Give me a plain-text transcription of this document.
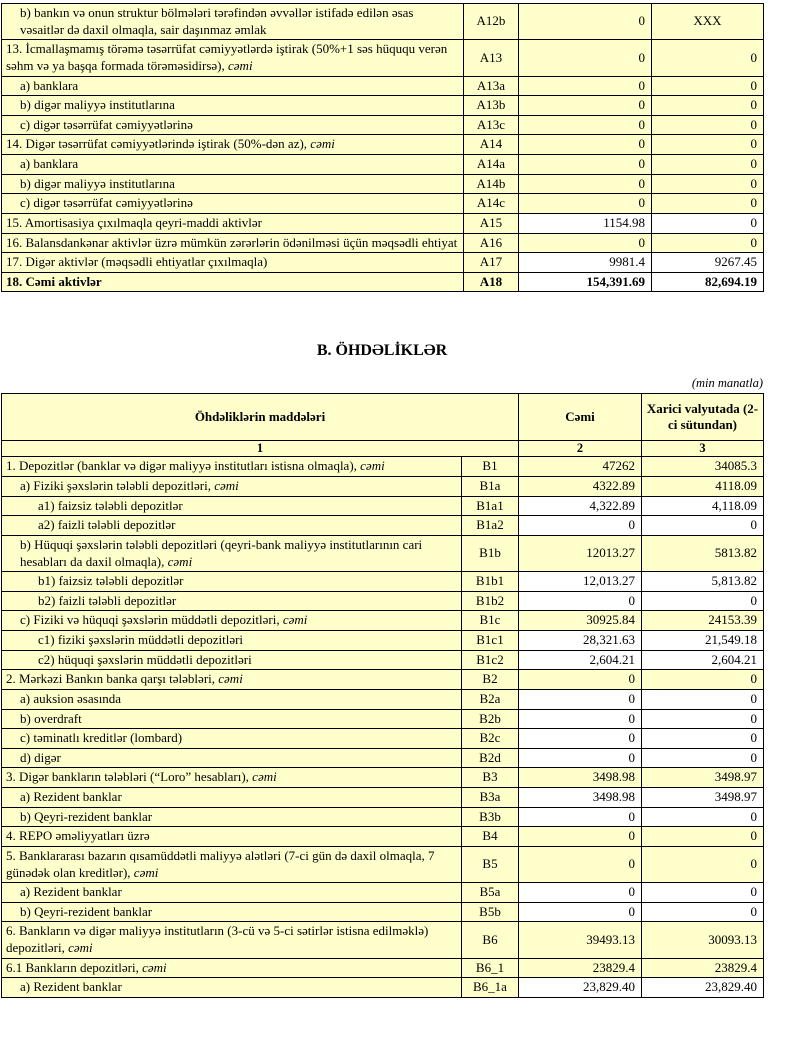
b) bankın və onun struktur bölmələri tərəfindən əvvəllər istifadə edilən əsas vəsaitlər də daxil olmaqla, sair daşınmaz əmlak	A12b	0	XXX
13. İcmallaşmamış törəmə təsərrüfat cəmiyyətlərdə iştirak (50%+1 səs hüququ verən səhm və ya başqa formada törəməsidirsə), cəmi	A13	0	0
a) banklara	A13a	0	0
b) digər maliyyə institutlarına	A13b	0	0
c) digər təsərrüfat cəmiyyətlərinə	A13c	0	0
14. Digər təsərrüfat cəmiyyətlərində iştirak (50%-dən az), cəmi	A14	0	0
a) banklara	A14a	0	0
b) digər maliyyə institutlarına	A14b	0	0
c) digər təsərrüfat cəmiyyətlərinə	A14c	0	0
15. Amortisasiya çıxılmaqla qeyri-maddi aktivlər	A15	1154.98	0
16. Balansdankənar aktivlər üzrə mümkün zərərlərin ödənilməsi üçün məqsədli ehtiyat	A16	0	0
17. Digər aktivlər (məqsədli ehtiyatlar çıxılmaqla)	A17	9981.4	9267.45
18. Cəmi aktivlər	A18	154,391.69	82,694.19
B. ÖHDƏLİKLƏR
(min manatla)
Öhdəliklərin maddələri		Cəmi	Xarici valyutada (2-ci sütundan)
1		2	3
1. Depozitlər (banklar və digər maliyyə institutları istisna olmaqla), cəmi	B1	47262	34085.3
a) Fiziki şəxslərin tələbli depozitləri, cəmi	B1a	4322.89	4118.09
a1) faizsiz tələbli depozitlər	B1a1	4,322.89	4,118.09
a2) faizli tələbli depozitlər	B1a2	0	0
b) Hüquqi şəxslərin tələbli depozitləri (qeyri-bank maliyyə institutlarının cari hesabları da daxil olmaqla), cəmi	B1b	12013.27	5813.82
b1) faizsiz tələbli depozitlər	B1b1	12,013.27	5,813.82
b2) faizli tələbli depozitlər	B1b2	0	0
c) Fiziki və hüquqi şəxslərin müddətli depozitləri, cəmi	B1c	30925.84	24153.39
c1) fiziki şəxslərin müddətli depozitləri	B1c1	28,321.63	21,549.18
c2) hüquqi şəxslərin müddətli depozitləri	B1c2	2,604.21	2,604.21
2. Mərkəzi Bankın banka qarşı tələbləri, cəmi	B2	0	0
a) auksion əsasında	B2a	0	0
b) overdraft	B2b	0	0
c) təminatlı kreditlər (lombard)	B2c	0	0
d) digər	B2d	0	0
3. Digər bankların tələbləri (“Loro” hesabları), cəmi	B3	3498.98	3498.97
a) Rezident banklar	B3a	3498.98	3498.97
b) Qeyri-rezident banklar	B3b	0	0
4. REPO əməliyyatları üzrə	B4	0	0
5. Banklararası bazarın qısamüddətli maliyyə alətləri (7-ci gün də daxil olmaqla, 7 günədək olan kreditlər), cəmi	B5	0	0
a) Rezident banklar	B5a	0	0
b) Qeyri-rezident banklar	B5b	0	0
6. Bankların və digər maliyyə institutların (3-cü və 5-ci sətirlər istisna edilməklə) depozitləri, cəmi	B6	39493.13	30093.13
6.1 Bankların depozitləri, cəmi	B6_1	23829.4	23829.4
a) Rezident banklar	B6_1a	23,829.40	23,829.40
